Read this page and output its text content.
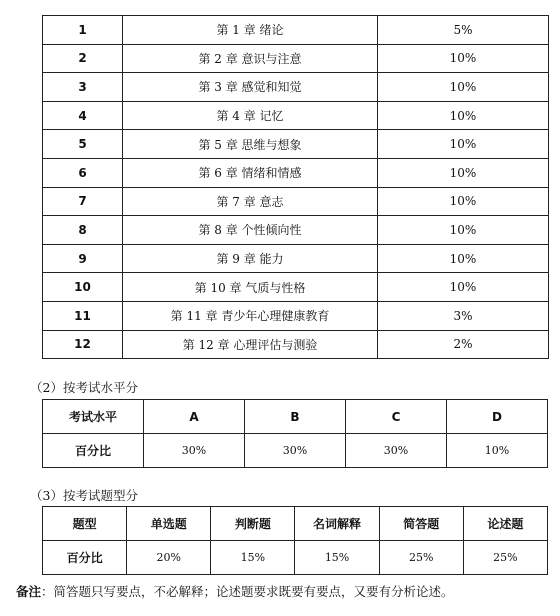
1	第 1 章 绪论	5%
2	第 2 章 意识与注意	10%
3	第 3 章 感觉和知觉	10%
4	第 4 章 记忆	10%
5	第 5 章 思维与想象	10%
6	第 6 章 情绪和情感	10%
7	第 7 章 意志	10%
8	第 8 章 个性倾向性	10%
9	第 9 章 能力	10%
10	第 10 章 气质与性格	10%
11	第 11 章 青少年心理健康教育	3%
12	第 12 章 心理评估与测验	2%
（2）按考试水平分
考试水平	A	B	C	D
百分比	30%	30%	30%	10%
（3）按考试题型分
题型	单选题	判断题	名词解释	简答题	论述题
百分比	20%	15%	15%	25%	25%
备注：简答题只写要点，不必解释；论述题要求既要有要点，又要有分析论述。
